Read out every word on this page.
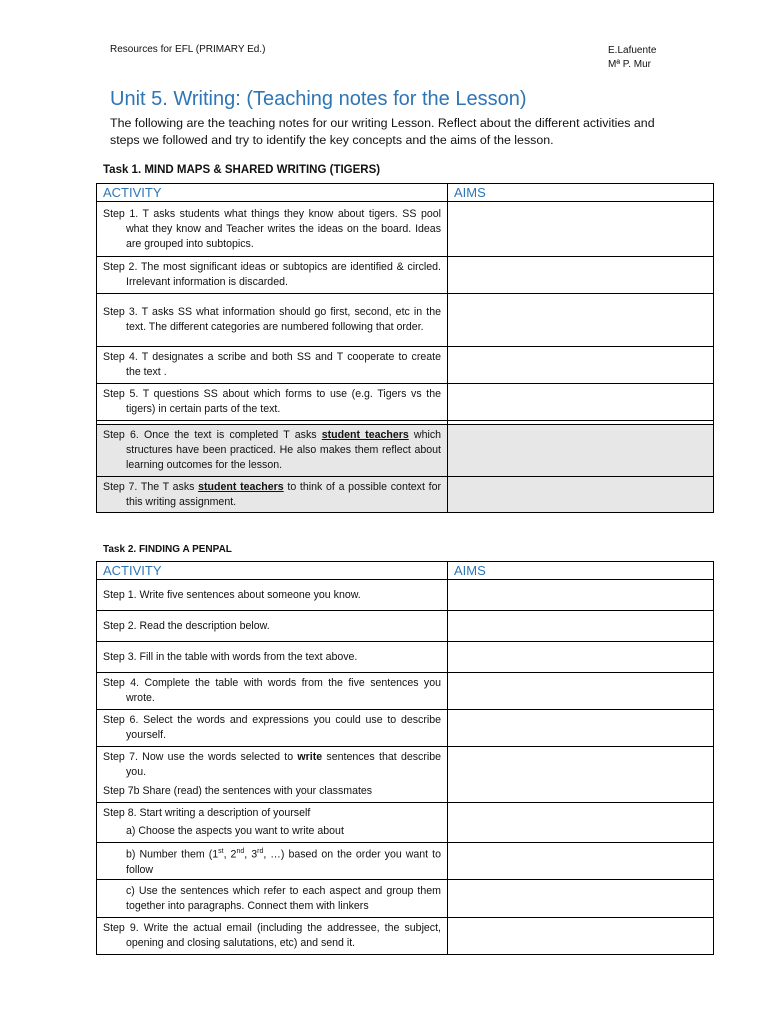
Resources for EFL (PRIMARY Ed.)	E.Lafuente
Mª P. Mur
Unit 5. Writing: (Teaching notes for the Lesson)
The following are the teaching notes for our writing Lesson. Reflect about the different activities and steps we followed and try to identify the key concepts and the aims of the lesson.
Task 1. MIND MAPS & SHARED WRITING (TIGERS)
ACTIVITY	AIMS

Step 1. T asks students what things they know about tigers. SS pool what they know and Teacher writes the ideas on the board. Ideas are grouped into subtopics.	

Step 2. The most significant ideas or subtopics are identified & circled. Irrelevant information is discarded.	

Step 3. T asks SS what information should go first, second, etc in the text. The different categories are numbered following that order.	

Step 4. T designates a scribe and both SS and T cooperate to create the text .	

Step 5. T questions SS about which forms to use (e.g. Tigers vs the tigers) in certain parts of the text.	

Step 6. Once the text is completed T asks student teachers which structures have been practiced. He also makes them reflect about learning outcomes for the lesson.	

Step 7. The T asks student teachers to think of a possible context for this writing assignment.	

Task 2. FINDING A PENPAL
ACTIVITY	AIMS

Step 1. Write five sentences about someone you know.	

Step 2. Read the description below.	

Step 3. Fill in the table with words from the text above.	

Step 4. Complete the table with words from the five sentences you wrote.	

Step 6. Select the words and expressions you could use to describe yourself.	

Step 7. Now use the words selected to write sentences that describe you.
Step 7b Share (read) the sentences with your classmates	

Step 8. Start writing a description of yourself
a) Choose the aspects you want to write about	

b) Number them (1st, 2nd, 3rd, …) based on the order you want to follow	

c) Use the sentences which refer to each aspect and group them together into paragraphs. Connect them with linkers	

Step 9. Write the actual email (including the addressee, the subject, opening and closing salutations, etc) and send it.	
